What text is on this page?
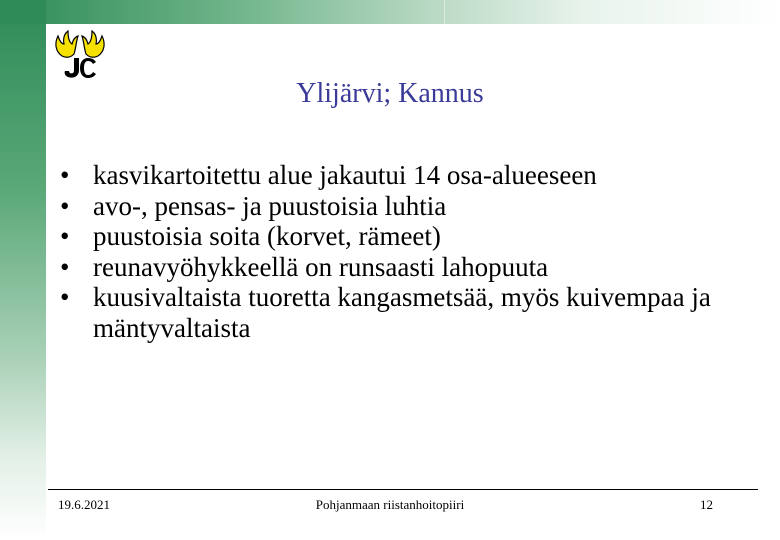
Ylijärvi; Kannus
• kasvikartoitettu alue jakautui 14 osa-alueeseen
• avo-, pensas- ja puustoisia luhtia
• puustoisia soita (korvet, rämeet)
• reunavyöhykkeellä on runsaasti lahopuuta
• kuusivaltaista tuoretta kangasmetsää, myös kuivempaa ja mäntyvaltaista
19.6.2021	Pohjanmaan riistanhoitopiiri	12
